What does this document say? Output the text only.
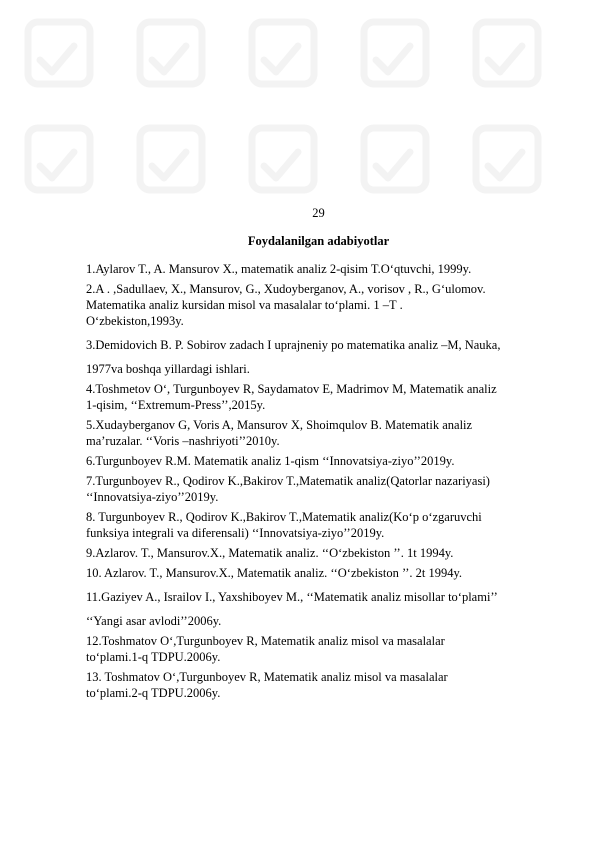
29
Foydalanilgan adabiyotlar
1.Aylarov T., A. Mansurov X., matematik analiz 2-qisim T.O‘qtuvchi, 1999y.
2.A . ,Sadullaev, X., Mansurov, G., Xudoyberganov, A., vorisov , R., G‘ulomov.
Matematika analiz kursidan misol va masalalar to‘plami. 1 –T .
O‘zbekiston,1993y.
3.Demidovich B. P. Sobirov zadach I uprajneniy po matematika analiz –M, Nauka,
1977va boshqa yillardagi ishlari.
4.Toshmetov O‘, Turgunboyev R, Saydamatov E, Madrimov M, Matematik analiz
1-qisim, ‘‘Extremum-Press’’,2015y.
5.Xudayberganov G, Voris A, Mansurov X, Shoimqulov B. Matematik analiz
ma’ruzalar. ‘‘Voris –nashriyoti’’2010y.
6.Turgunboyev R.M. Matematik analiz 1-qism ‘‘Innovatsiya-ziyo’’2019y.
7.Turgunboyev R., Qodirov K.,Bakirov T.,Matematik analiz(Qatorlar nazariyasi)
‘‘Innovatsiya-ziyo’’2019y.
8. Turgunboyev R., Qodirov K.,Bakirov T.,Matematik analiz(Ko‘p o‘zgaruvchi
funksiya integrali va diferensali) ‘‘Innovatsiya-ziyo’’2019y.
9.Azlarov. T., Mansurov.X., Matematik analiz. ‘‘O‘zbekiston ’’. 1t 1994y.
10. Azlarov. T., Mansurov.X., Matematik analiz. ‘‘O‘zbekiston ’’. 2t 1994y.
11.Gaziyev A., Israilov I., Yaxshiboyev M., ‘‘Matematik analiz misollar to‘plami’’
‘‘Yangi asar avlodi’’2006y.
12.Toshmatov O‘,Turgunboyev R, Matematik analiz misol va masalalar
to‘plami.1-q TDPU.2006y.
13. Toshmatov O‘,Turgunboyev R, Matematik analiz misol va masalalar
to‘plami.2-q TDPU.2006y.
